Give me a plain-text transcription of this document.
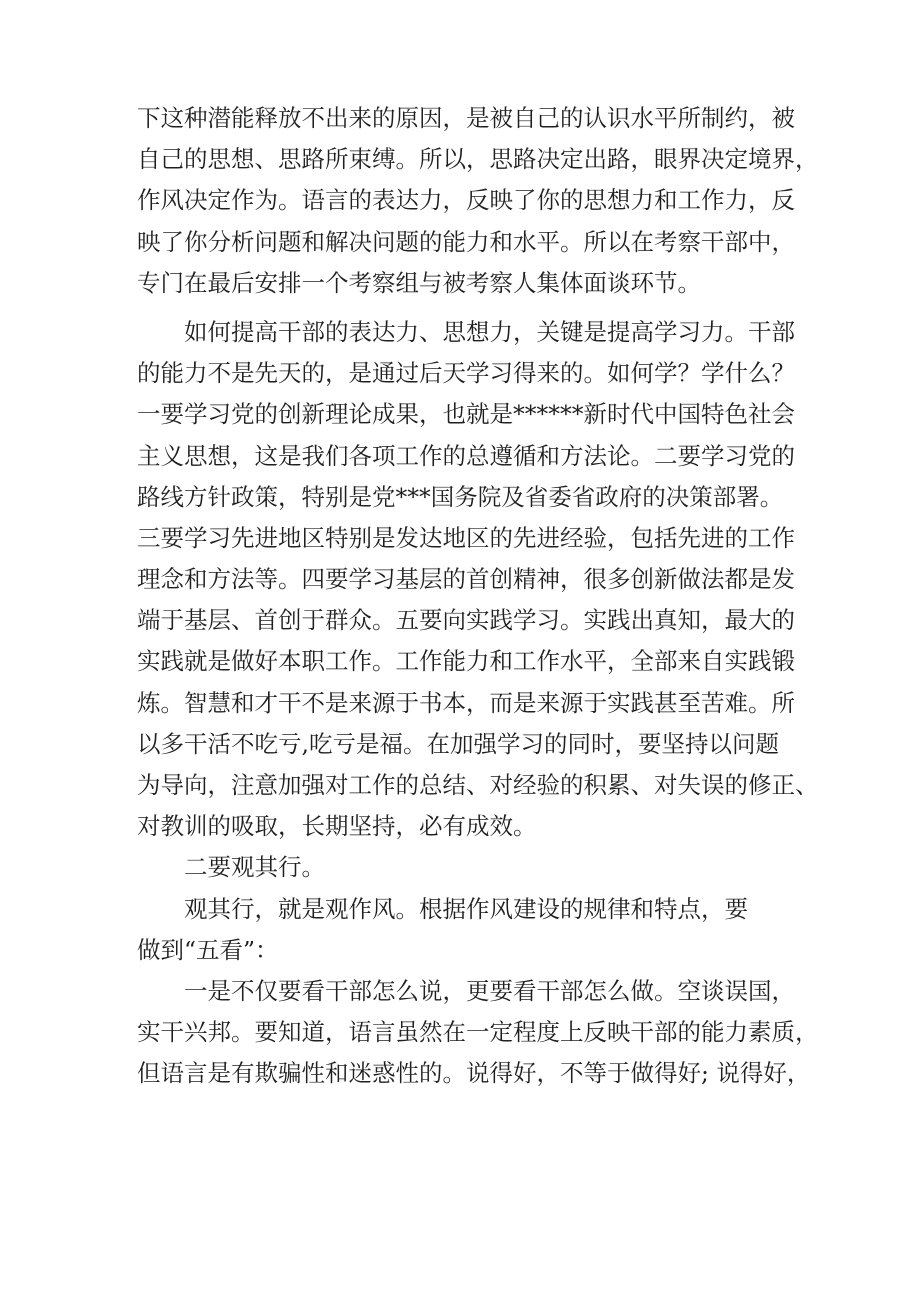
下这种潜能释放不出来的原因，是被自己的认识水平所制约，被
自己的思想、思路所束缚。所以，思路决定出路，眼界决定境界，
作风决定作为。语言的表达力，反映了你的思想力和工作力，反
映了你分析问题和解决问题的能力和水平。所以在考察干部中，
专门在最后安排一个考察组与被考察人集体面谈环节。
如何提高干部的表达力、思想力，关键是提高学习力。干部
的能力不是先天的，是通过后天学习得来的。如何学？学什么？
一要学习党的创新理论成果，也就是******新时代中国特色社会
主义思想，这是我们各项工作的总遵循和方法论。二要学习党的
路线方针政策，特别是党***国务院及省委省政府的决策部署。
三要学习先进地区特别是发达地区的先进经验，包括先进的工作
理念和方法等。四要学习基层的首创精神，很多创新做法都是发
端于基层、首创于群众。五要向实践学习。实践出真知，最大的
实践就是做好本职工作。工作能力和工作水平，全部来自实践锻
炼。智慧和才干不是来源于书本，而是来源于实践甚至苦难。所
以多干活不吃亏,吃亏是福。在加强学习的同时，要坚持以问题
为导向，注意加强对工作的总结、对经验的积累、对失误的修正、
对教训的吸取，长期坚持，必有成效。
二要观其行。
观其行，就是观作风。根据作风建设的规律和特点，要
做到“五看”：
一是不仅要看干部怎么说，更要看干部怎么做。空谈误国，
实干兴邦。要知道，语言虽然在一定程度上反映干部的能力素质，
但语言是有欺骗性和迷惑性的。说得好，不等于做得好; 说得好，
